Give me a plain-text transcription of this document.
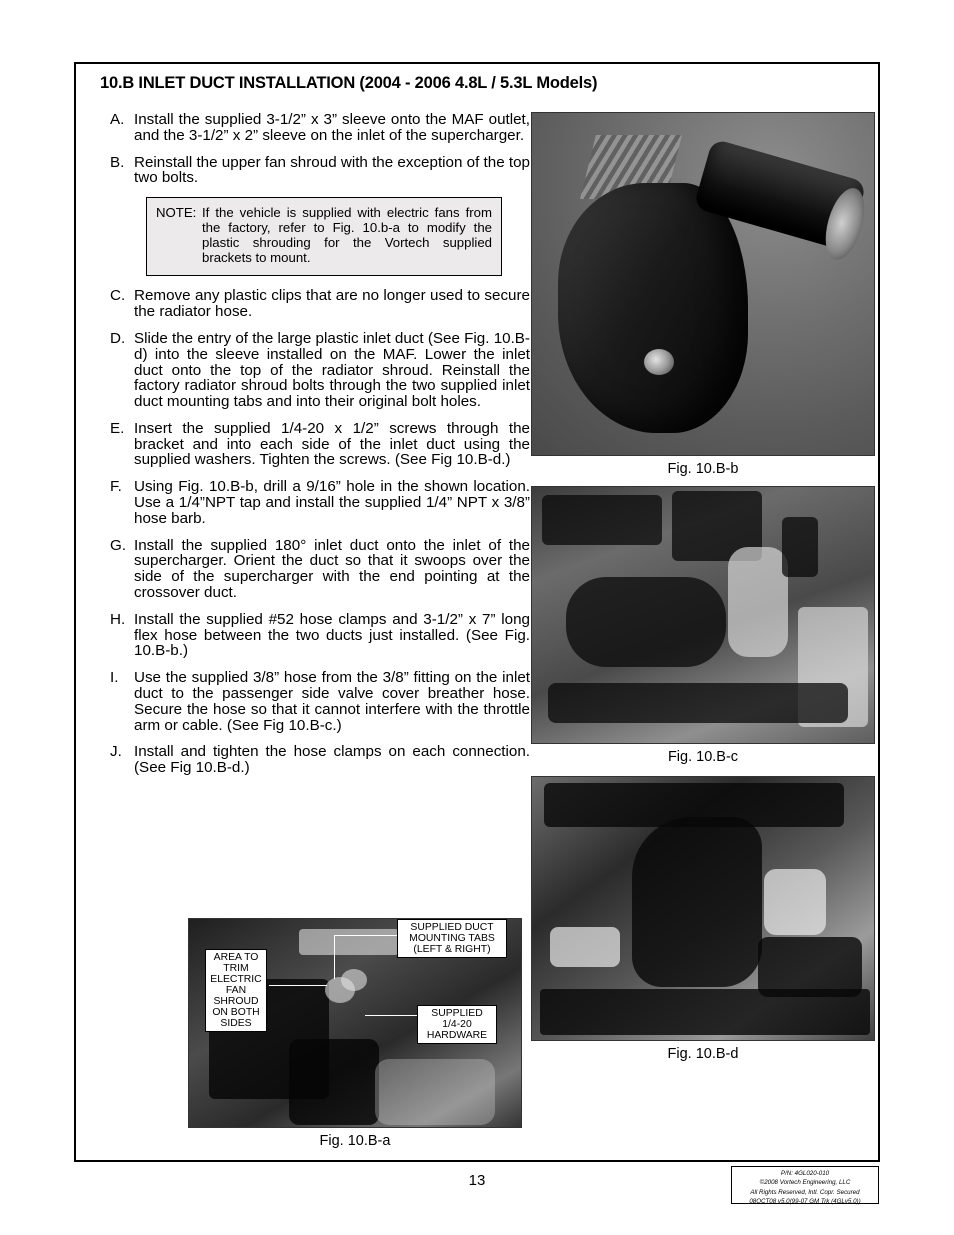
10.B INLET DUCT INSTALLATION (2004 - 2006 4.8L / 5.3L Models)
A. Install the supplied 3-1/2” x 3” sleeve onto the MAF outlet, and the 3-1/2” x 2” sleeve on the inlet of the supercharger.
B. Reinstall the upper fan shroud with the exception of the top two bolts.
NOTE: If the vehicle is supplied with electric fans from the factory, refer to Fig. 10.b-a to modify the plastic shrouding for the Vortech supplied brackets to mount.
C. Remove any plastic clips that are no longer used to secure the radiator hose.
D. Slide the entry of the large plastic inlet duct (See Fig. 10.B-d) into the sleeve installed on the MAF. Lower the inlet duct onto the top of the radiator shroud. Reinstall the factory radiator shroud bolts through the two supplied inlet duct mounting tabs and into their original bolt holes.
E. Insert the supplied 1/4-20 x 1/2” screws through the bracket and into each side of the inlet duct using the supplied washers. Tighten the screws. (See Fig 10.B-d.)
F. Using Fig. 10.B-b, drill a 9/16” hole in the shown location. Use a 1/4”NPT tap and install the supplied 1/4” NPT x 3/8” hose barb.
G. Install the supplied 180° inlet duct onto the inlet of the supercharger. Orient the duct so that it swoops over the side of the supercharger with the end pointing at the crossover duct.
H. Install the supplied #52 hose clamps and 3-1/2” x 7” long flex hose between the two ducts just installed. (See Fig. 10.B-b.)
I.	Use the supplied 3/8” hose from the 3/8” fitting on the inlet duct to the passenger side valve cover breather hose. Secure the hose so that it cannot interfere with the throttle arm or cable. (See Fig 10.B-c.)
J. Install and tighten the hose clamps on each connection. (See Fig 10.B-d.)
Fig. 10.B-b
Fig. 10.B-c
Fig. 10.B-d
SUPPLIED DUCT MOUNTING TABS (LEFT & RIGHT)
AREA TO TRIM ELECTRIC FAN SHROUD ON BOTH SIDES
SUPPLIED 1/4-20 HARDWARE
Fig. 10.B-a
13	P/N: 4GL020-010
©2008 Vortech Engineering, LLC
All Rights Reserved, Intl. Copr. Secured
08OCT08 v5.0(99-07 GM Trk (4GLv5.0))
